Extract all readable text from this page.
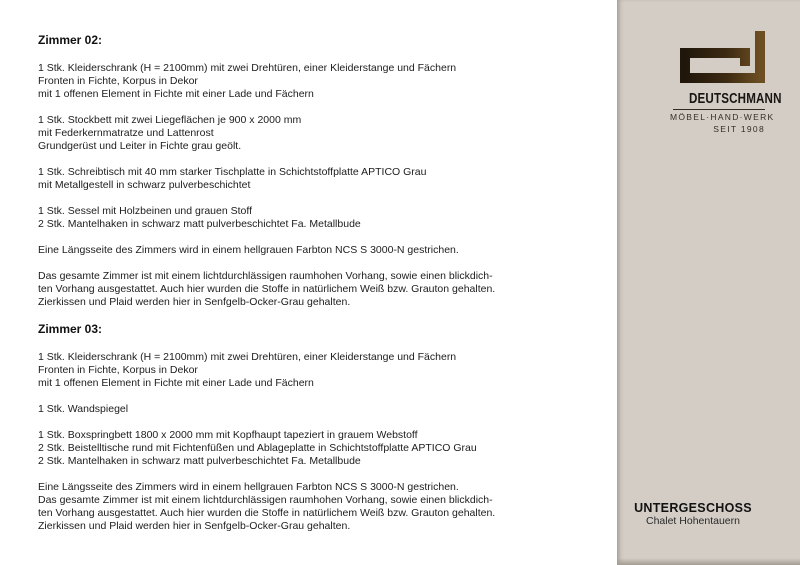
Zimmer 02:
1 Stk. Kleiderschrank (H = 2100mm) mit zwei Drehtüren, einer Kleiderstange und Fächern
Fronten in Fichte, Korpus in Dekor
mit 1 offenen Element in Fichte mit einer Lade und Fächern
1 Stk. Stockbett mit zwei Liegeflächen je 900 x 2000 mm
mit Federkernmatratze und Lattenrost
Grundgerüst und Leiter in Fichte grau geölt.
1 Stk. Schreibtisch mit 40 mm starker Tischplatte in Schichtstoffplatte APTICO Grau
mit Metallgestell in schwarz pulverbeschichtet
1 Stk. Sessel mit Holzbeinen und grauen Stoff
2 Stk. Mantelhaken in schwarz matt pulverbeschichtet Fa. Metallbude
Eine Längsseite des Zimmers wird in einem hellgrauen Farbton NCS S 3000-N gestrichen.
Das gesamte Zimmer ist mit einem lichtdurchlässigen raumhohen Vorhang, sowie einen blickdich-
ten Vorhang ausgestattet. Auch hier wurden die Stoffe in natürlichem Weiß bzw. Grauton gehalten.
Zierkissen und Plaid werden hier in Senfgelb-Ocker-Grau gehalten.
Zimmer 03:
1 Stk. Kleiderschrank (H = 2100mm) mit zwei Drehtüren, einer Kleiderstange und Fächern
Fronten in Fichte, Korpus in Dekor
mit 1 offenen Element in Fichte mit einer Lade und Fächern
1 Stk. Wandspiegel
1 Stk. Boxspringbett 1800 x 2000 mm mit Kopfhaupt tapeziert in grauem Webstoff
2 Stk. Beistelltische rund mit Fichtenfüßen und Ablageplatte in Schichtstoffplatte APTICO Grau
2 Stk. Mantelhaken in schwarz matt pulverbeschichtet Fa. Metallbude
Eine Längsseite des Zimmers wird in einem hellgrauen Farbton NCS S 3000-N gestrichen.
Das gesamte Zimmer ist mit einem lichtdurchlässigen raumhohen Vorhang, sowie einen blickdich-
ten Vorhang ausgestattet. Auch hier wurden die Stoffe in natürlichem Weiß bzw. Grauton gehalten.
Zierkissen und Plaid werden hier in Senfgelb-Ocker-Grau gehalten.
DEUTSCHMANN
MÖBEL·HAND·WERK
SEIT 1908
UNTERGESCHOSS
Chalet Hohentauern
